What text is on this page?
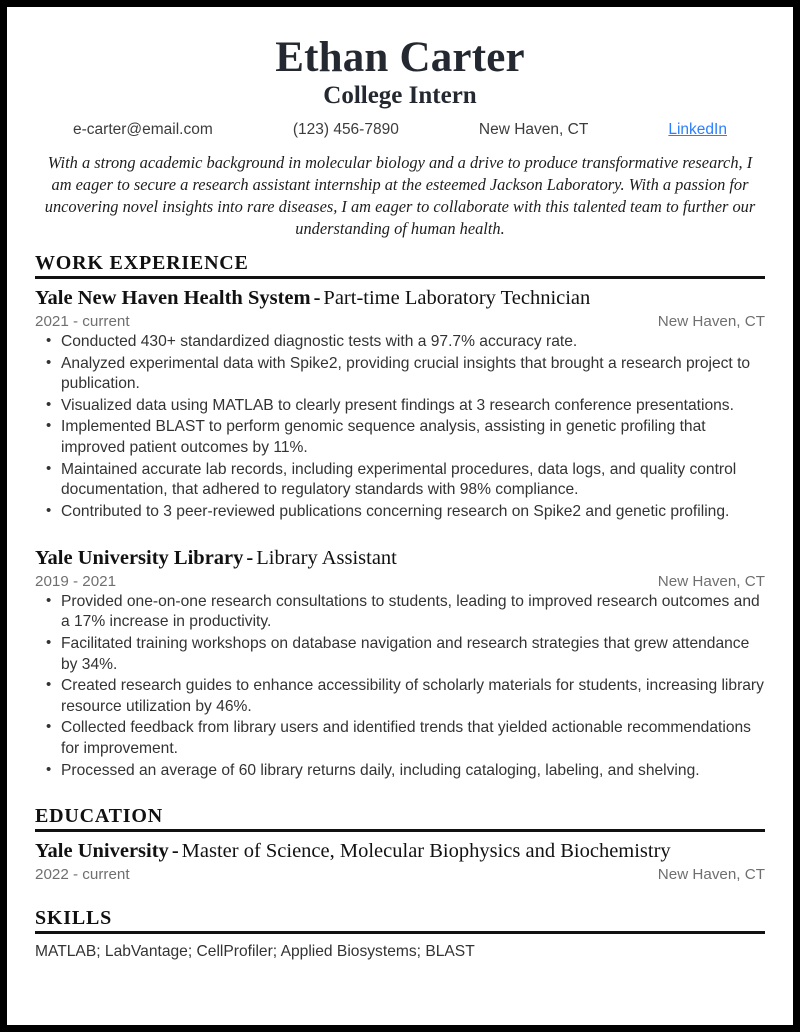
Ethan Carter
College Intern
e-carter@email.com	(123) 456-7890	New Haven, CT	LinkedIn
With a strong academic background in molecular biology and a drive to produce transformative research, I am eager to secure a research assistant internship at the esteemed Jackson Laboratory. With a passion for uncovering novel insights into rare diseases, I am eager to collaborate with this talented team to further our understanding of human health.
WORK EXPERIENCE
Yale New Haven Health System - Part-time Laboratory Technician
2021 - current	New Haven, CT
• Conducted 430+ standardized diagnostic tests with a 97.7% accuracy rate.
• Analyzed experimental data with Spike2, providing crucial insights that brought a research project to publication.
• Visualized data using MATLAB to clearly present findings at 3 research conference presentations.
• Implemented BLAST to perform genomic sequence analysis, assisting in genetic profiling that improved patient outcomes by 11%.
• Maintained accurate lab records, including experimental procedures, data logs, and quality control documentation, that adhered to regulatory standards with 98% compliance.
• Contributed to 3 peer-reviewed publications concerning research on Spike2 and genetic profiling.
Yale University Library - Library Assistant
2019 - 2021	New Haven, CT
• Provided one-on-one research consultations to students, leading to improved research outcomes and a 17% increase in productivity.
• Facilitated training workshops on database navigation and research strategies that grew attendance by 34%.
• Created research guides to enhance accessibility of scholarly materials for students, increasing library resource utilization by 46%.
• Collected feedback from library users and identified trends that yielded actionable recommendations for improvement.
• Processed an average of 60 library returns daily, including cataloging, labeling, and shelving.
EDUCATION
Yale University - Master of Science, Molecular Biophysics and Biochemistry
2022 - current	New Haven, CT
SKILLS
MATLAB; LabVantage; CellProfiler; Applied Biosystems; BLAST
